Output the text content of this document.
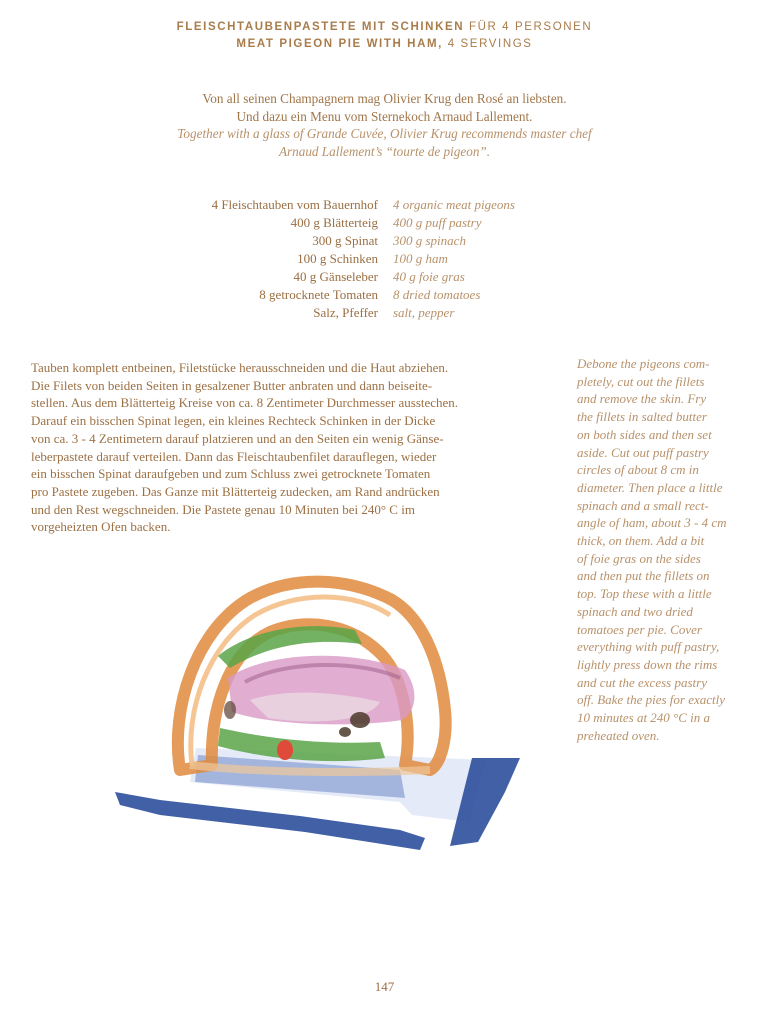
FLEISCHTAUBENPASTETE MIT SCHINKEN FÜR 4 PERSONEN
MEAT PIGEON PIE WITH HAM, 4 SERVINGS
Von all seinen Champagnern mag Olivier Krug den Rosé an liebsten.
Und dazu ein Menu vom Sternekoch Arnaud Lallement.
Together with a glass of Grande Cuvée, Olivier Krug recommends master chef
Arnaud Lallement’s “tourte de pigeon”.
4 Fleischtauben vom Bauernhof 4 organic meat pigeons
400 g Blätterteig 400 g puff pastry
300 g Spinat 300 g spinach
100 g Schinken 100 g ham
40 g Gänseleber 40 g foie gras
8 getrocknete Tomaten 8 dried tomatoes
Salz, Pfeffer salt, pepper

Tauben komplett entbeinen, Filetstücke herausschneiden und die Haut abziehen.

Die Filets von beiden Seiten in gesalzener Butter anbraten und dann beiseite-

stellen. Aus dem Blätterteig Kreise von ca. 8 Zentimeter Durchmesser ausstechen.

Darauf ein bisschen Spinat legen, ein kleines Rechteck Schinken in der Dicke

von ca. 3 - 4 Zentimetern darauf platzieren und an den Seiten ein wenig Gänse-

leberpastete darauf verteilen. Dann das Fleischtaubenfilet darauflegen, wieder

ein bisschen Spinat daraufgeben und zum Schluss zwei getrocknete Tomaten

pro Pastete zugeben. Das Ganze mit Blätterteig zudecken, am Rand andrücken

und den Rest wegschneiden. Die Pastete genau 10 Minuten bei 240° C im

vorgeheizten Ofen backen.

Debone the pigeons com-

pletely, cut out the fillets

and remove the skin. Fry

the fillets in salted butter

on both sides and then set

aside. Cut out puff pastry

circles of about 8 cm in

diameter. Then place a little

spinach and a small rect-

angle of ham, about 3 - 4 cm

thick, on them. Add a bit

of foie gras on the sides

and then put the fillets on

top. Top these with a little

spinach and two dried

tomatoes per pie. Cover

everything with puff pastry,

lightly press down the rims

and cut the excess pastry

off. Bake the pies for exactly

10 minutes at 240 °C in a

preheated oven.

147
